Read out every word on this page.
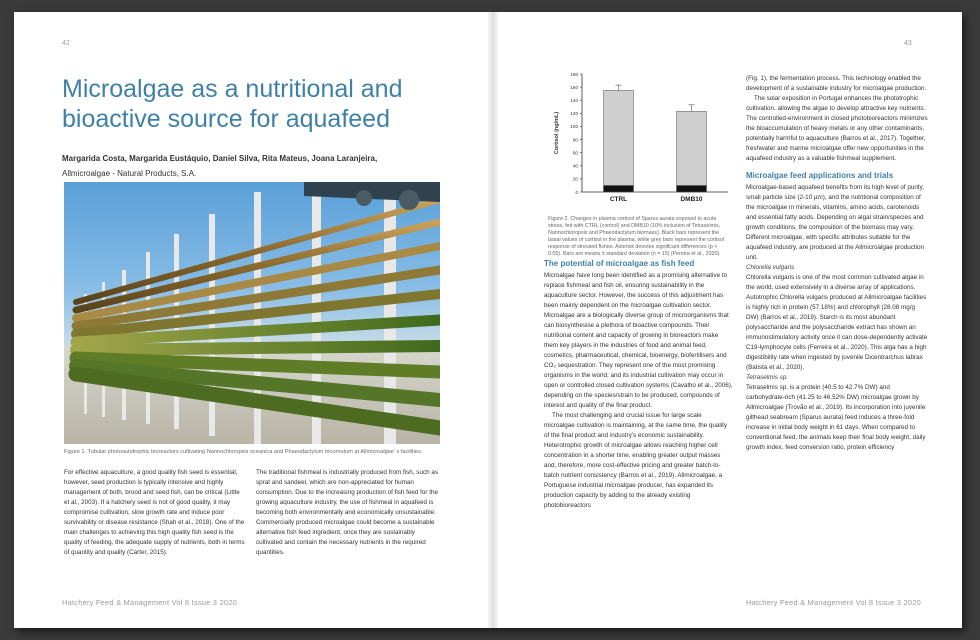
42
Microalgae as a nutritional and bioactive source for aquafeed
Margarida Costa, Margarida Eustáquio, Daniel Silva, Rita Mateus, Joana Laranjeira,
Allmicroalgae - Natural Products, S.A.
Figure 1. Tubular photoautotrophic bioreactors cultivating Nannochloropsis oceanica and Phaeodactylum tricornutum at Allmicroalgae’ s facilities.

For effective aquaculture, a good quality fish seed is essential, however, seed production is typically intensive and highly management of both, brood and seed fish, can be critical (Little et al., 2003). If a hatchery seed is not of good quality, it may compromise cultivation, slow growth rate and induce poor survivability or disease resistance (Shah et al., 2018). One of the main challenges to achieving this high quality fish seed is the quality of feeding, the adequate supply of nutrients, both in terms of quantity and quality (Carter, 2015).

The traditional fishmeal is industrially produced from fish, such as sprat and sandeel, which are non-appreciated for human consumption. Due to the increasing production of fish feed for the growing aquaculture industry, the use of fishmeal in aquafeed is becoming both environmentally and economically unsustainable. Commercially produced microalgae could become a sustainable alternative fish feed ingredient, once they are sustainably cultivated and contain the necessary nutrients in the required quantities.

Hatchery Feed & Management Vol 8 Issue 3 2020
43
0
20
40
60
80
100
120
140
160
180
Cortisol (ng/mL)
CTRL	DMB10
Figure 2. Changes in plasma cortisol of Sparus aurata exposed to acute stress, fed with CTRL (control) and DMB10 (10% inclusion of Tetraselmis, Nannochloropsis and Phaeodactylum biomass). Black bars represent the basal values of cortisol in the plasma, while grey bars represent the cortisol response of stressed fishes. Asterisk denotes significant differences (p < 0.05). Bars are means ± standard deviation (n = 15) (Pereira et al., 2020).
The potential of microalgae as fish feed

Microalgae have long been identified as a promising alternative to replace fishmeal and fish oil, ensuring sustainability in the aquaculture sector. However, the success of this adjustment has been mainly dependent on the microalgae cultivation sector. Microalgae are a biologically diverse group of microorganisms that can biosynthesise a plethora of bioactive compounds. Their nutritional content and capacity of growing in bioreactors make them key players in the industries of food and animal feed, cosmetics, pharmaceutical, chemical, bioenergy, biofertilisers and CO₂ sequestration. They represent one of the most promising organisms in the world, and its industrial cultivation may occur in open or controlled closed cultivation systems (Cavalho et al., 2006), depending on the species/strain to be produced, compounds of interest and quality of the final product.

The most challenging and crucial issue for large scale microalgae cultivation is maintaining, at the same time, the quality of the final product and industry’s economic sustainability. Heterotrophic growth of microalgae allows reaching higher cell concentration in a shorter time, enabling greater output masses and, therefore, more cost-effective pricing and greater batch-to-batch nutrient consistency (Barros et al., 2019). Allmicroalgae, a Portuguese industrial microalgae producer, has expanded its production capacity by adding to the already existing photobioreactors

(Fig. 1), the fermentation process. This technology enabled the development of a sustainable industry for microalgae production.

The solar exposition in Portugal enhances the phototrophic cultivation, allowing the algae to develop attractive key nutrients. The controlled-environment in closed photobioreactors minimizes the bioaccumulation of heavy metals or any other contaminants, potentially harmful to aquaculture (Barros et al., 2017). Together, freshwater and marine microalgae offer new opportunities in the aquafeed industry as a valuable fishmeal supplement.

Microalgae feed applications and trials

Microalgae-based aquafeed benefits from its high level of purity, small particle size (2-10 µm), and the nutritional composition of the microalgae in minerals, vitamins, amino acids, carotenoids and essential fatty acids. Depending on algal strain/species and growth conditions, the composition of the biomass may vary. Different microalgae, with specific attributes suitable for the aquafeed industry, are produced at the Allmicroalgae production unit.

Chlorella vulgaris

Chlorella vulgaris is one of the most common cultivated algae in the world, used extensively in a diverse array of applications. Autotrophic Chlorella vulgaris produced at Allmicroalgae facilities is highly rich in protein (57.18%) and chlorophyll (28.08 mg/g DW) (Barros et al., 2019). Starch is its most abundant polysaccharide and the polysaccharide extract has shown an immunostimulatory activity once it can dose-dependently activate C19-lymphocyte cells (Ferreira et al., 2020). This alga has a high digestibility rate when ingested by juvenile Dicentrarchus labrax (Batista et al., 2020).

Tetraselmis sp.

Tetraselmis sp. is a protein (40.5 to 42.7% DW) and carbohydrate-rich (41.25 to 46.52% DW) microalgae grown by Allmicroalgae (Trovão et al., 2019). Its incorporation into juvenile gilthead seabream (Sparus aurata) feed induces a three-fold increase in initial body weight in 61 days. When compared to conventional feed, the animals keep their final body weight, daily growth index, feed conversion ratio, protein efficiency

Hatchery Feed & Management Vol 8 Issue 3 2020
